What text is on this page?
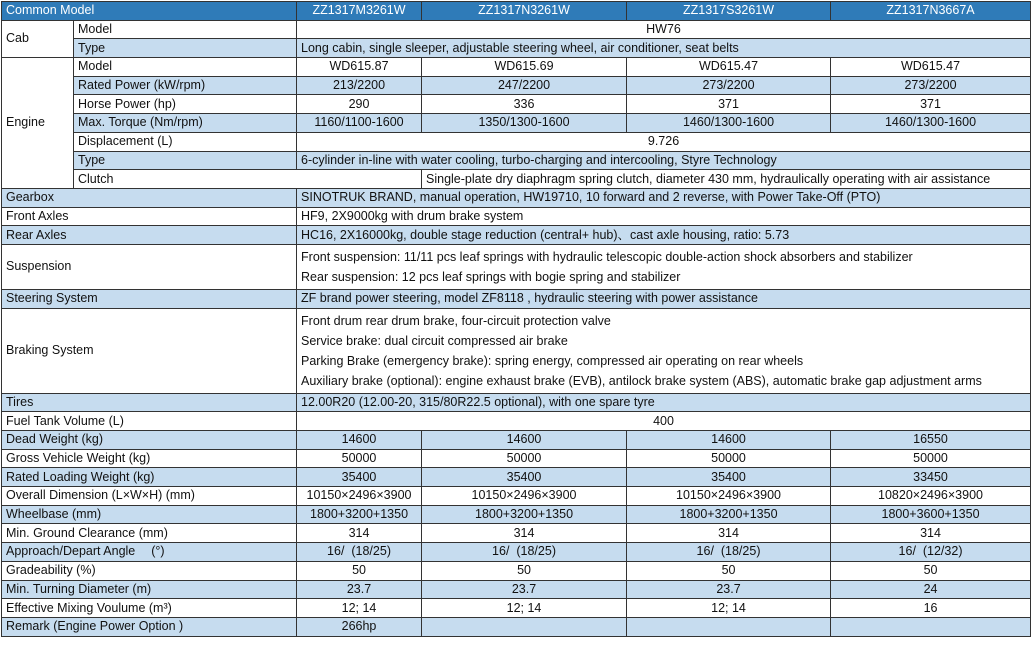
Common Model		ZZ1317M3261W	ZZ1317N3261W	ZZ1317S3261W	ZZ1317N3667A
Cab	Model	HW76			
	Type	Long cabin, single sleeper, adjustable steering wheel, air conditioner, seat belts			
Engine	Model	WD615.87	WD615.69	WD615.47	WD615.47
	Rated Power (kW/rpm)	213/2200	247/2200	273/2200	273/2200
	Horse Power (hp)	290	336	371	371
	Max. Torque (Nm/rpm)	1160/1100-1600	1350/1300-1600	1460/1300-1600	1460/1300-1600
	Displacement (L)	9.726			
	Type	6-cylinder in-line with water cooling, turbo-charging and intercooling, Styre Technology			
	Clutch		Single-plate dry diaphragm spring clutch, diameter 430 mm, hydraulically operating with air assistance		
Gearbox		SINOTRUK BRAND, manual operation, HW19710, 10 forward and 2 reverse, with Power Take-Off (PTO)			
Front Axles		HF9, 2X9000kg with drum brake system			
Rear Axles		HC16, 2X16000kg, double stage reduction (central+ hub)、cast axle housing, ratio: 5.73			
Suspension		Front suspension: 11/11 pcs leaf springs with hydraulic telescopic double-action shock absorbers and stabilizer
Rear suspension: 12 pcs leaf springs with bogie spring and stabilizer			

Steering System		ZF brand power steering, model ZF8118 , hydraulic steering with power assistance			
Braking System		Front drum rear drum brake, four-circuit protection valve
Service brake: dual circuit compressed air brake
Parking Brake (emergency brake): spring energy, compressed air operating on rear wheels
Auxiliary brake (optional): engine exhaust brake (EVB), antilock brake system (ABS), automatic brake gap adjustment arms			

Tires		12.00R20 (12.00-20, 315/80R22.5 optional), with one spare tyre			
Fuel Tank Volume (L)		400			
Dead Weight (kg)		14600	14600	14600	16550
Gross Vehicle Weight (kg)		50000	50000	50000	50000
Rated Loading Weight (kg)		35400	35400	35400	33450
Overall Dimension (L×W×H) (mm)		10150×2496×3900	10150×2496×3900	10150×2496×3900	10820×2496×3900
Wheelbase (mm)		1800+3200+1350	1800+3200+1350	1800+3200+1350	1800+3600+1350
Min. Ground Clearance (mm)		314	314	314	314
Approach/Depart Angle 　(°)		16/  (18/25)	16/  (18/25)	16/  (18/25)	16/  (12/32)
Gradeability (%)		50	50	50	50
Min. Turning Diameter (m)		23.7	23.7	23.7	24
Effective Mixing Voulume (m³)		12; 14	12; 14	12; 14	16
Remark (Engine Power Option )		266hp			
